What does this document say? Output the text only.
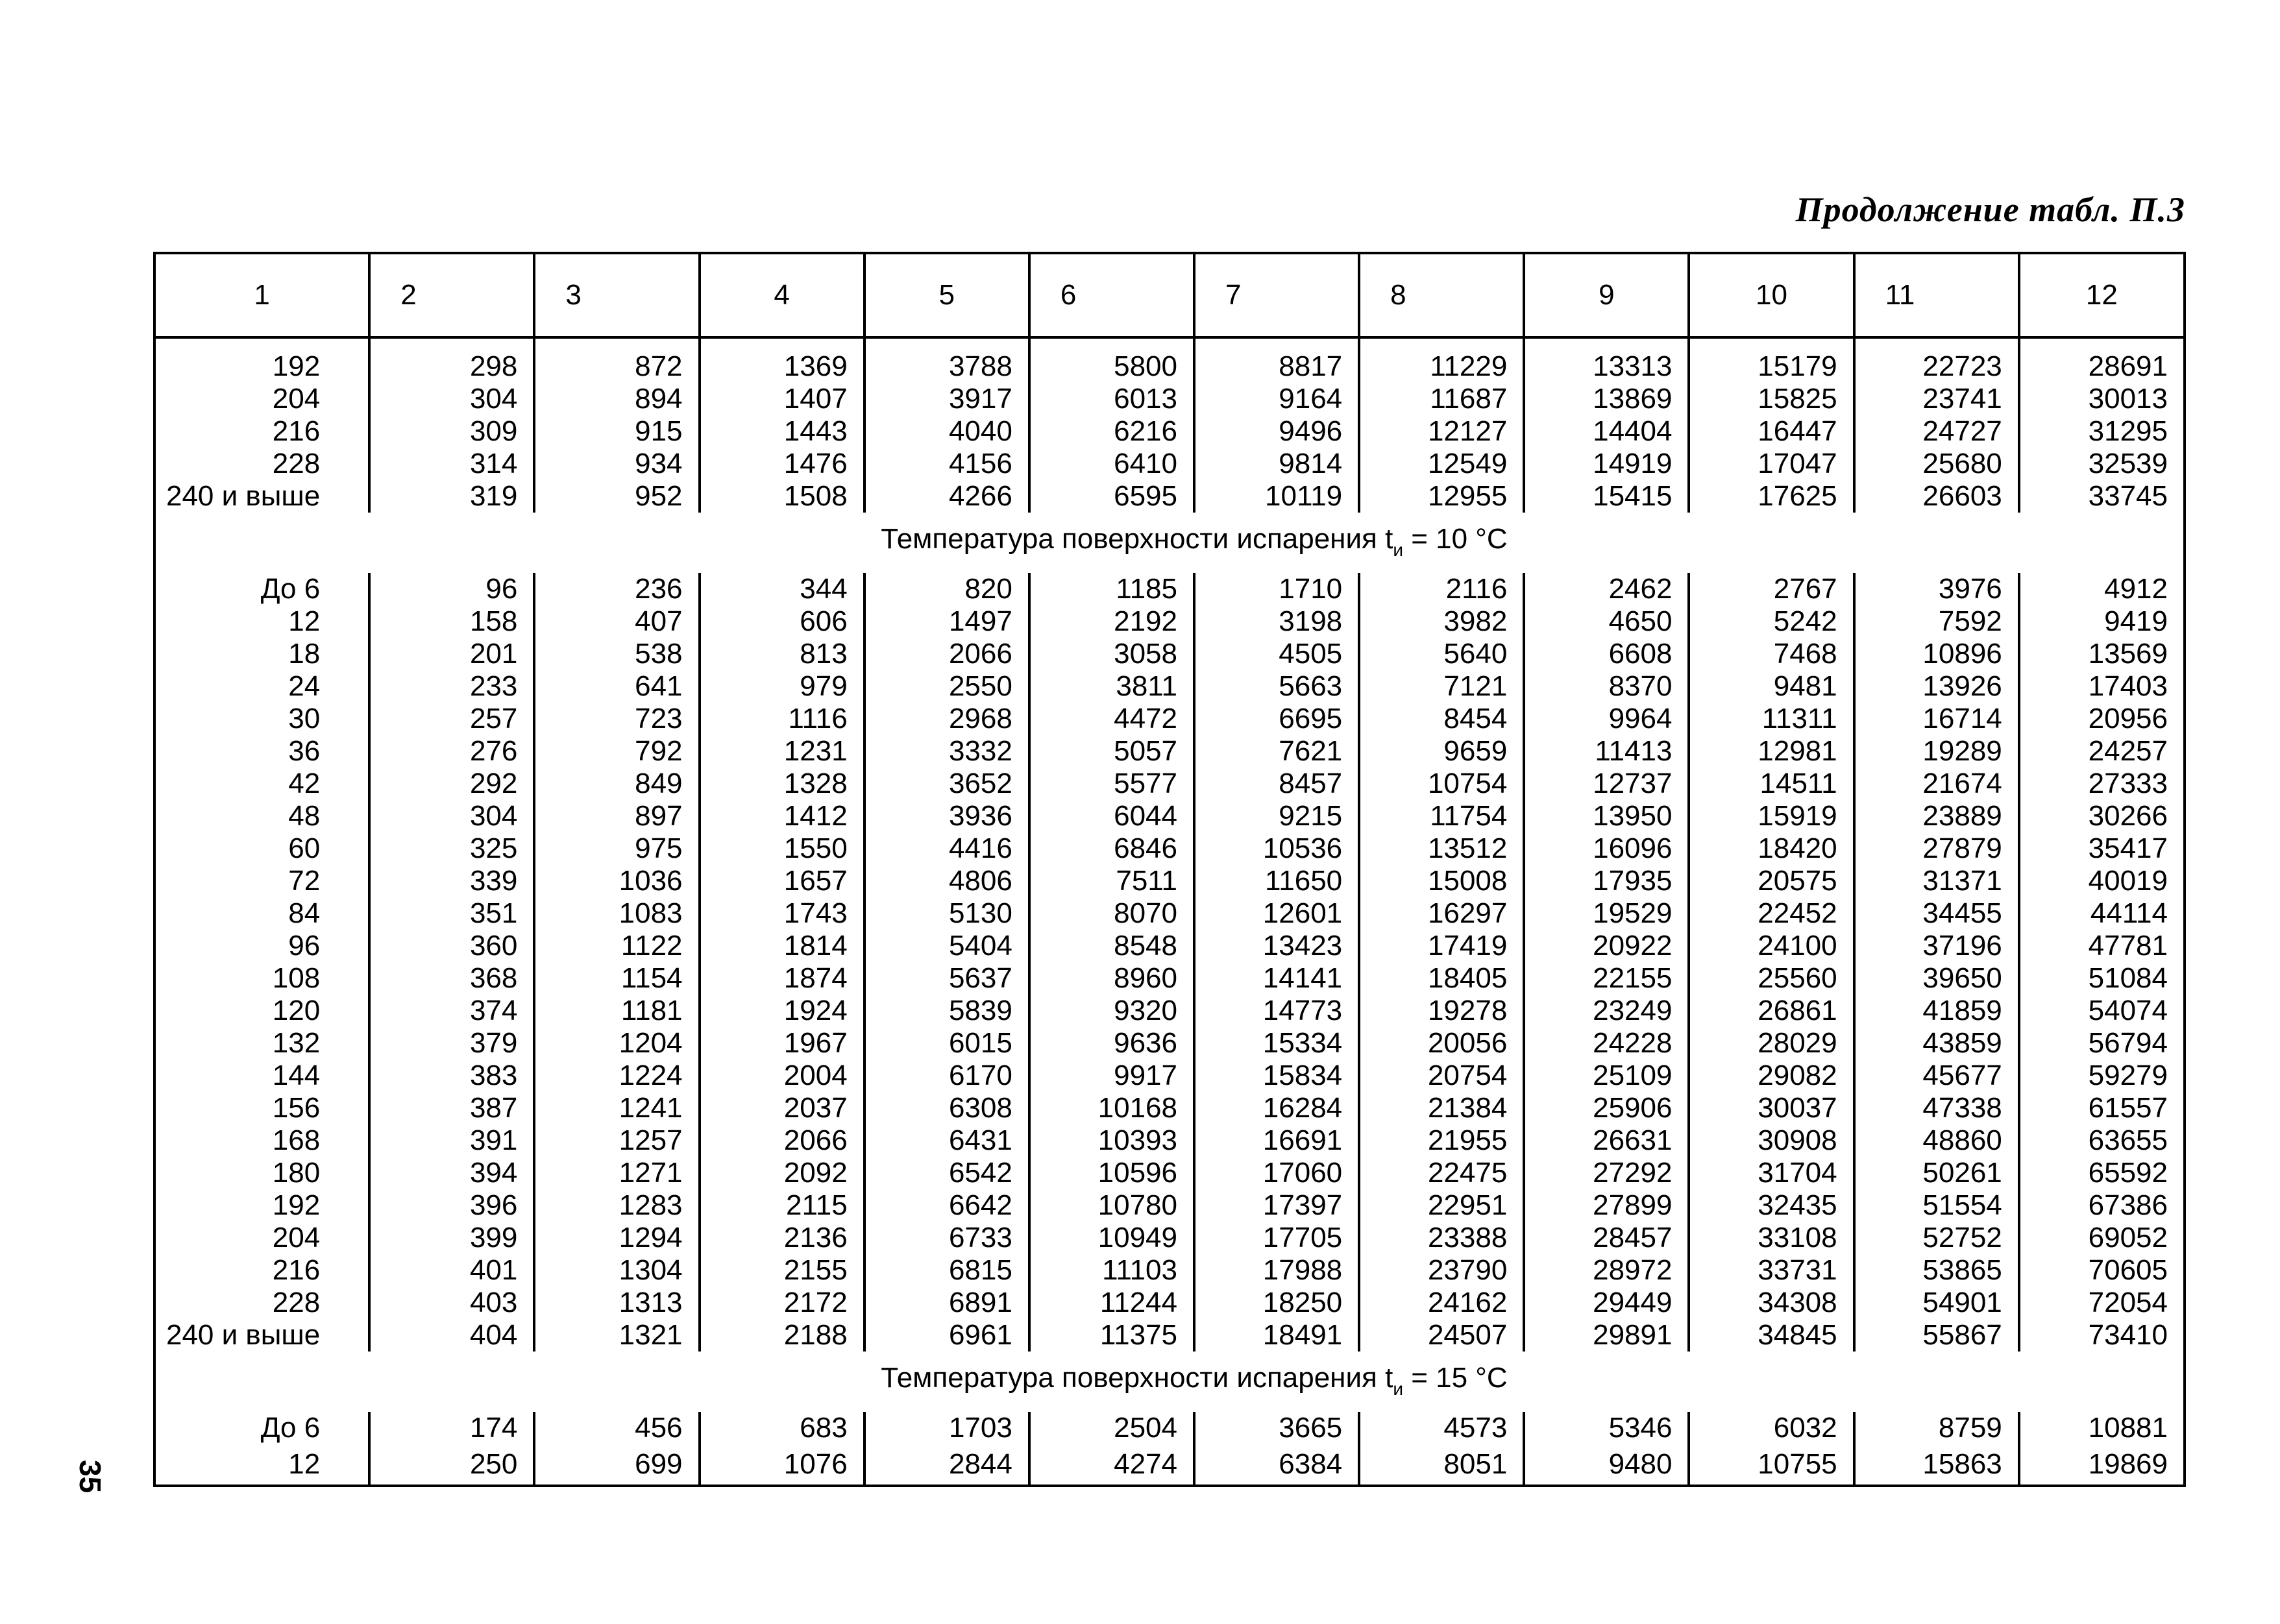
Продолжение табл. П.3
35
1	2	3	4	5	6	7	8	9	10	11	12

192	298	872	1369	3788	5800	8817	11229	13313	15179	22723	28691
204	304	894	1407	3917	6013	9164	11687	13869	15825	23741	30013
216	309	915	1443	4040	6216	9496	12127	14404	16447	24727	31295
228	314	934	1476	4156	6410	9814	12549	14919	17047	25680	32539
240 и выше	319	952	1508	4266	6595	10119	12955	15415	17625	26603	33745
	Температура поверхности испарения $t_и = 10$ °С										
До 6	96	236	344	820	1185	1710	2116	2462	2767	3976	4912
12	158	407	606	1497	2192	3198	3982	4650	5242	7592	9419
18	201	538	813	2066	3058	4505	5640	6608	7468	10896	13569
24	233	641	979	2550	3811	5663	7121	8370	9481	13926	17403
30	257	723	1116	2968	4472	6695	8454	9964	11311	16714	20956
36	276	792	1231	3332	5057	7621	9659	11413	12981	19289	24257
42	292	849	1328	3652	5577	8457	10754	12737	14511	21674	27333
48	304	897	1412	3936	6044	9215	11754	13950	15919	23889	30266
60	325	975	1550	4416	6846	10536	13512	16096	18420	27879	35417
72	339	1036	1657	4806	7511	11650	15008	17935	20575	31371	40019
84	351	1083	1743	5130	8070	12601	16297	19529	22452	34455	44114
96	360	1122	1814	5404	8548	13423	17419	20922	24100	37196	47781
108	368	1154	1874	5637	8960	14141	18405	22155	25560	39650	51084
120	374	1181	1924	5839	9320	14773	19278	23249	26861	41859	54074
132	379	1204	1967	6015	9636	15334	20056	24228	28029	43859	56794
144	383	1224	2004	6170	9917	15834	20754	25109	29082	45677	59279
156	387	1241	2037	6308	10168	16284	21384	25906	30037	47338	61557
168	391	1257	2066	6431	10393	16691	21955	26631	30908	48860	63655
180	394	1271	2092	6542	10596	17060	22475	27292	31704	50261	65592
192	396	1283	2115	6642	10780	17397	22951	27899	32435	51554	67386
204	399	1294	2136	6733	10949	17705	23388	28457	33108	52752	69052
216	401	1304	2155	6815	11103	17988	23790	28972	33731	53865	70605
228	403	1313	2172	6891	11244	18250	24162	29449	34308	54901	72054
240 и выше	404	1321	2188	6961	11375	18491	24507	29891	34845	55867	73410
	Температура поверхности испарения $t_и = 15$ °С										
До 6	174	456	683	1703	2504	3665	4573	5346	6032	8759	10881
12	250	699	1076	2844	4274	6384	8051	9480	10755	15863	19869
